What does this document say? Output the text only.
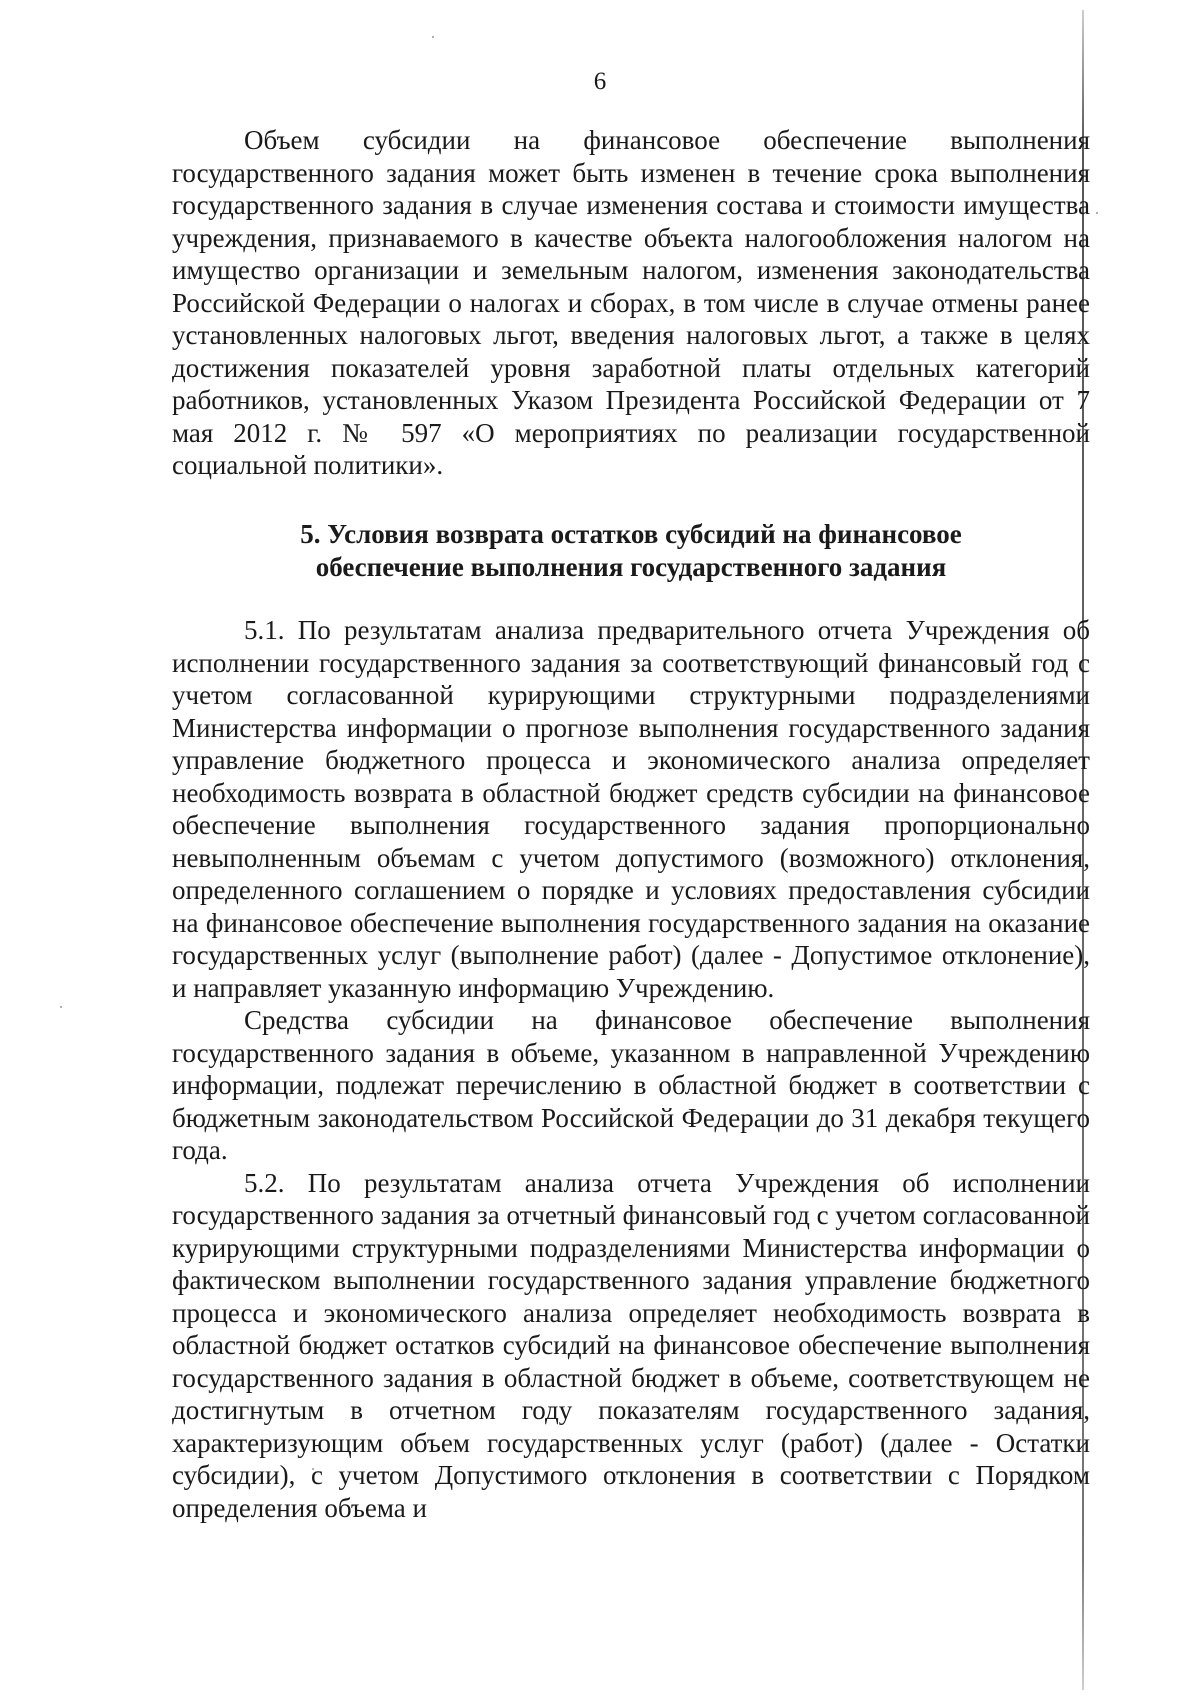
6

Объем субсидии на финансовое обеспечение выполнения государственного задания может быть изменен в течение срока выполнения государственного задания в случае изменения состава и стоимости имущества учреждения, признаваемого в качестве объекта налогообложения налогом на имущество организации и земельным налогом, изменения законодательства Российской Федерации о налогах и сборах, в том числе в случае отмены ранее установленных налоговых льгот, введения налоговых льгот, а также в целях достижения показателей уровня заработной платы отдельных категорий работников, установленных Указом Президента Российской Федерации от 7 мая 2012 г. № 597 «О мероприятиях по реализации государственной социальной политики».

5. Условия возврата остатков субсидий на финансовое
обеспечение выполнения государственного задания

5.1. По результатам анализа предварительного отчета Учреждения об исполнении государственного задания за соответствующий финансовый год с учетом согласованной курирующими структурными подразделениями Министерства информации о прогнозе выполнения государственного задания управление бюджетного процесса и экономического анализа определяет необходимость возврата в областной бюджет средств субсидии на финансовое обеспечение выполнения государственного задания пропорционально невыполненным объемам с учетом допустимого (возможного) отклонения, определенного соглашением о порядке и условиях предоставления субсидии на финансовое обеспечение выполнения государственного задания на оказание государственных услуг (выполнение работ) (далее - Допустимое отклонение), и направляет указанную информацию Учреждению.

Средства субсидии на финансовое обеспечение выполнения государственного задания в объеме, указанном в направленной Учреждению информации, подлежат перечислению в областной бюджет в соответствии с бюджетным законодательством Российской Федерации до 31 декабря текущего года.

5.2. По результатам анализа отчета Учреждения об исполнении государственного задания за отчетный финансовый год с учетом согласованной курирующими структурными подразделениями Министерства информации о фактическом выполнении государственного задания управление бюджетного процесса и экономического анализа определяет необходимость возврата в областной бюджет остатков субсидий на финансовое обеспечение выполнения государственного задания в областной бюджет в объеме, соответствующем не достигнутым в отчетном году показателям государственного задания, характеризующим объем государственных услуг (работ) (далее - Остатки субсидии), с учетом Допустимого отклонения в соответствии с Порядком определения объема и
